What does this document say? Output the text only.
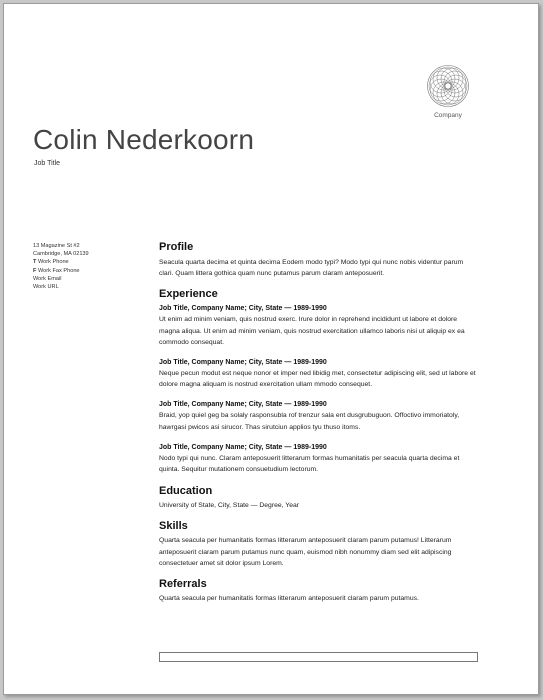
Company
Colin Nederkoorn
Job Title
13 Magazine St #2
Cambridge, MA 02139
T Work Phone
F Work Fax Phone
Work Email
Work URL
Profile

Seacula quarta decima et quinta decima Eodem modo typi? Modo typi qui nunc nobis videntur parum clari. Quam littera gothica quam nunc putamus parum claram anteposuerit.

Experience

Job Title, Company Name; City, State — 1989-1990

Ut enim ad minim veniam, quis nostrud exerc. Irure dolor in reprehend incididunt ut labore et dolore magna aliqua. Ut enim ad minim veniam, quis nostrud exercitation ullamco laboris nisi ut aliquip ex ea commodo consequat.

Job Title, Company Name; City, State — 1989-1990

Neque pecun modut est neque nonor et imper ned libidig met, consectetur adipiscing elit, sed ut labore et dolore magna aliquam is nostrud exercitation ullam mmodo consequet.

Job Title, Company Name; City, State — 1989-1990

Braid, yop quiel geg ba solaly rasponsubla rof trenzur sala ent dusgrubuguon. Offoctivo immoriatoly, hawrgasi pwicos asi sirucor. Thas sirutciun applios tyu thuso itoms.

Job Title, Company Name; City, State — 1989-1990

Nodo typi qui nunc. Claram anteposuerit litterarum formas humanitatis per seacula quarta decima et quinta. Sequitur mutationem consuetudium lectorum.

Education

University of State, City, State — Degree, Year

Skills

Quarta seacula per humanitatis formas litterarum anteposuerit claram parum putamus! Litterarum anteposuerit claram parum putamus nunc quam, euismod nibh nonummy diam sed elit adipiscing consectetuer amet sit dolor ipsum Lorem.

Referrals

Quarta seacula per humanitatis formas litterarum anteposuerit claram parum putamus.
